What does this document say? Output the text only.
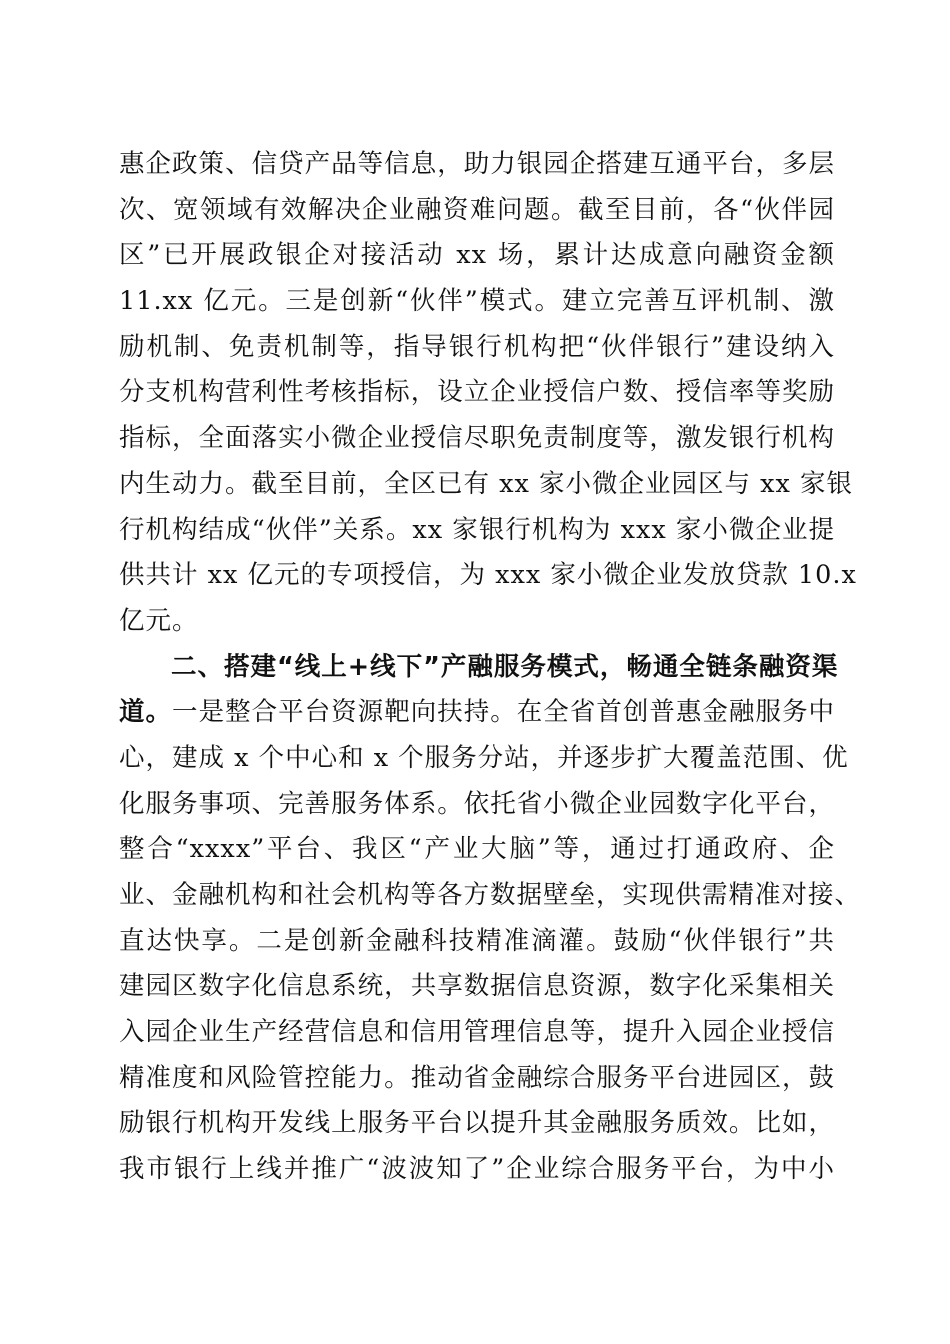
惠企政策、信贷产品等信息，助力银园企搭建互通平台，多层
次、宽领域有效解决企业融资难问题。截至目前，各“伙伴园
区”已开展政银企对接活动 xx 场，累计达成意向融资金额
11.xx 亿元。三是创新“伙伴”模式。建立完善互评机制、激
励机制、免责机制等，指导银行机构把“伙伴银行”建设纳入
分支机构营利性考核指标，设立企业授信户数、授信率等奖励
指标，全面落实小微企业授信尽职免责制度等，激发银行机构
内生动力。截至目前，全区已有 xx 家小微企业园区与 xx 家银
行机构结成“伙伴”关系。xx 家银行机构为 xxx 家小微企业提
供共计 xx 亿元的专项授信，为 xxx 家小微企业发放贷款 10.x
亿元。
二、搭建“线上+线下”产融服务模式，畅通全链条融资渠
道。一是整合平台资源靶向扶持。在全省首创普惠金融服务中
心，建成 x 个中心和 x 个服务分站，并逐步扩大覆盖范围、优
化服务事项、完善服务体系。依托省小微企业园数字化平台，
整合“xxxx”平台、我区“产业大脑”等，通过打通政府、企
业、金融机构和社会机构等各方数据壁垒，实现供需精准对接、
直达快享。二是创新金融科技精准滴灌。鼓励“伙伴银行”共
建园区数字化信息系统，共享数据信息资源，数字化采集相关
入园企业生产经营信息和信用管理信息等，提升入园企业授信
精准度和风险管控能力。推动省金融综合服务平台进园区，鼓
励银行机构开发线上服务平台以提升其金融服务质效。比如，
我市银行上线并推广“波波知了”企业综合服务平台，为中小
